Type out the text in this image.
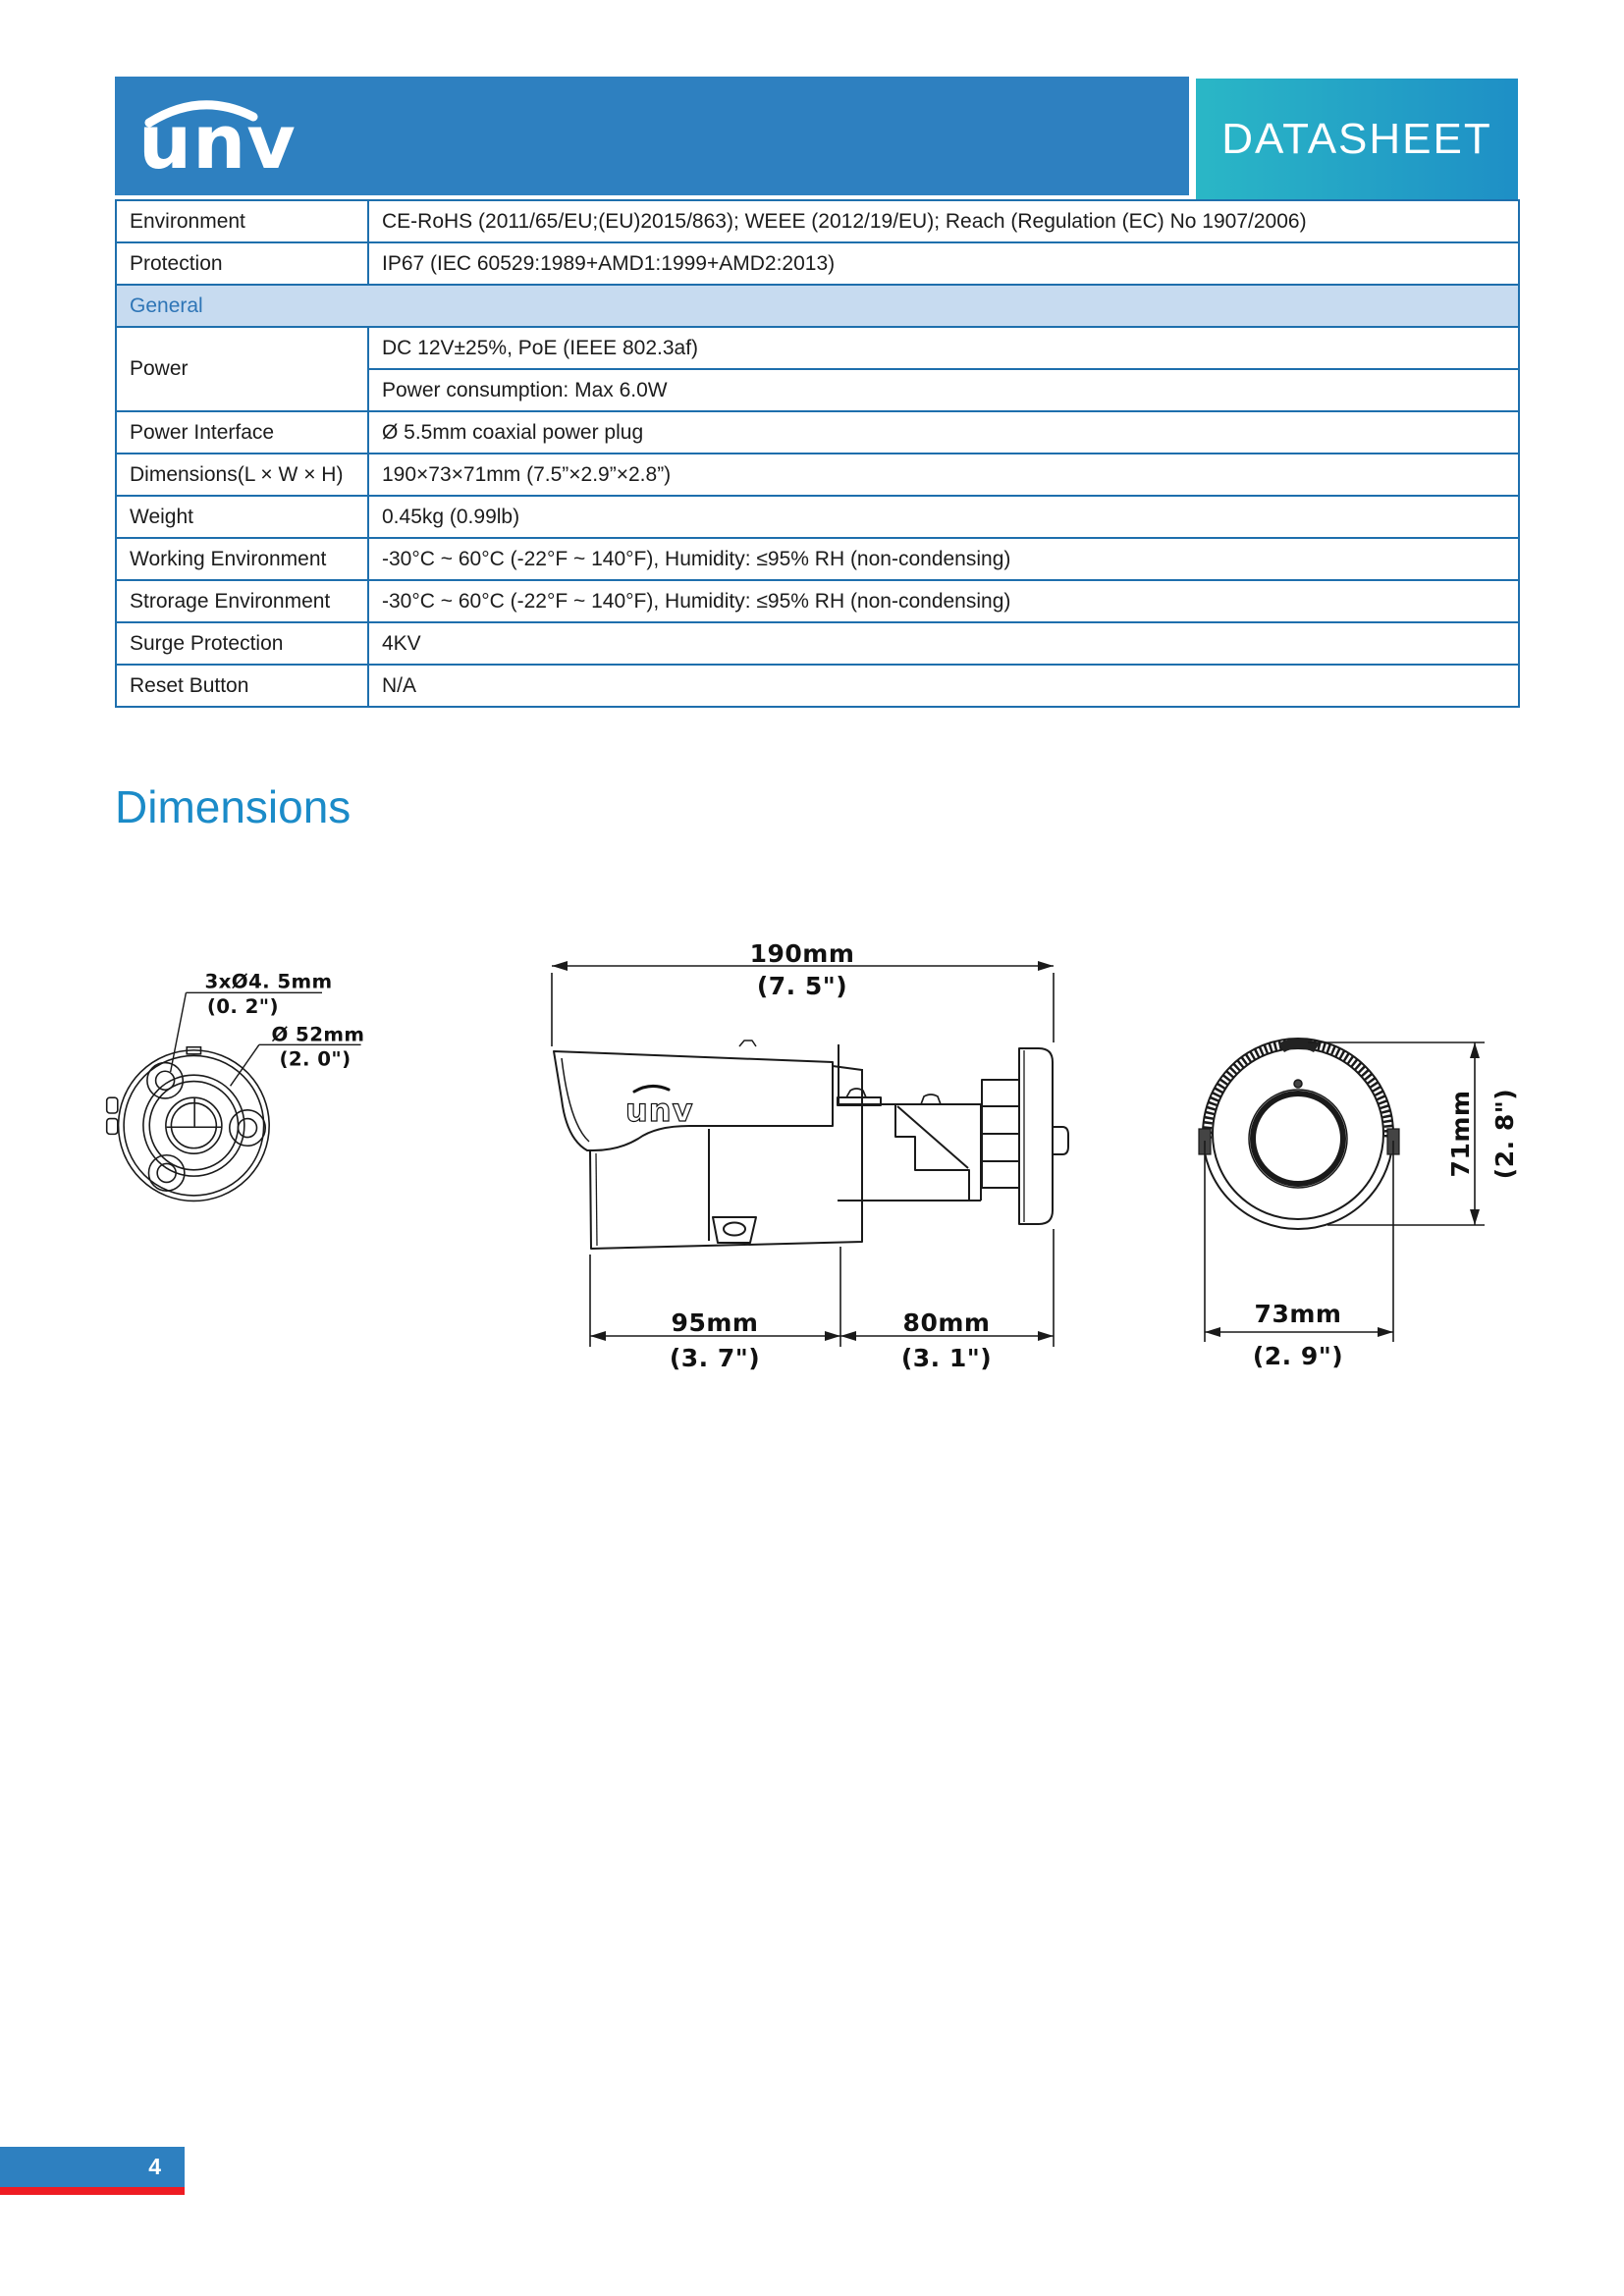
unv	DATASHEET
Environment	CE-RoHS (2011/65/EU;(EU)2015/863); WEEE (2012/19/EU); Reach (Regulation (EC) No 1907/2006)
Protection	IP67 (IEC 60529:1989+AMD1:1999+AMD2:2013)
General	
Power	DC 12V±25%, PoE (IEEE 802.3af)
	Power consumption: Max 6.0W
Power Interface	Ø 5.5mm coaxial power plug
Dimensions(L × W × H)	190×73×71mm (7.5”×2.9”×2.8”)
Weight	0.45kg (0.99lb)
Working Environment	-30°C ~ 60°C (-22°F ~ 140°F), Humidity: ≤95% RH (non-condensing)
Strorage Environment	-30°C ~ 60°C (-22°F ~ 140°F), Humidity: ≤95% RH (non-condensing)
Surge Protection	4KV
Reset Button	N/A
Dimensions
3xØ4. 5mm
(0. 2")
Ø 52mm
(2. 0")
unv
190mm
(7. 5")
95mm
(3. 7")
80mm
(3. 1")
71mm (2. 8")
73mm
(2. 9")
4
